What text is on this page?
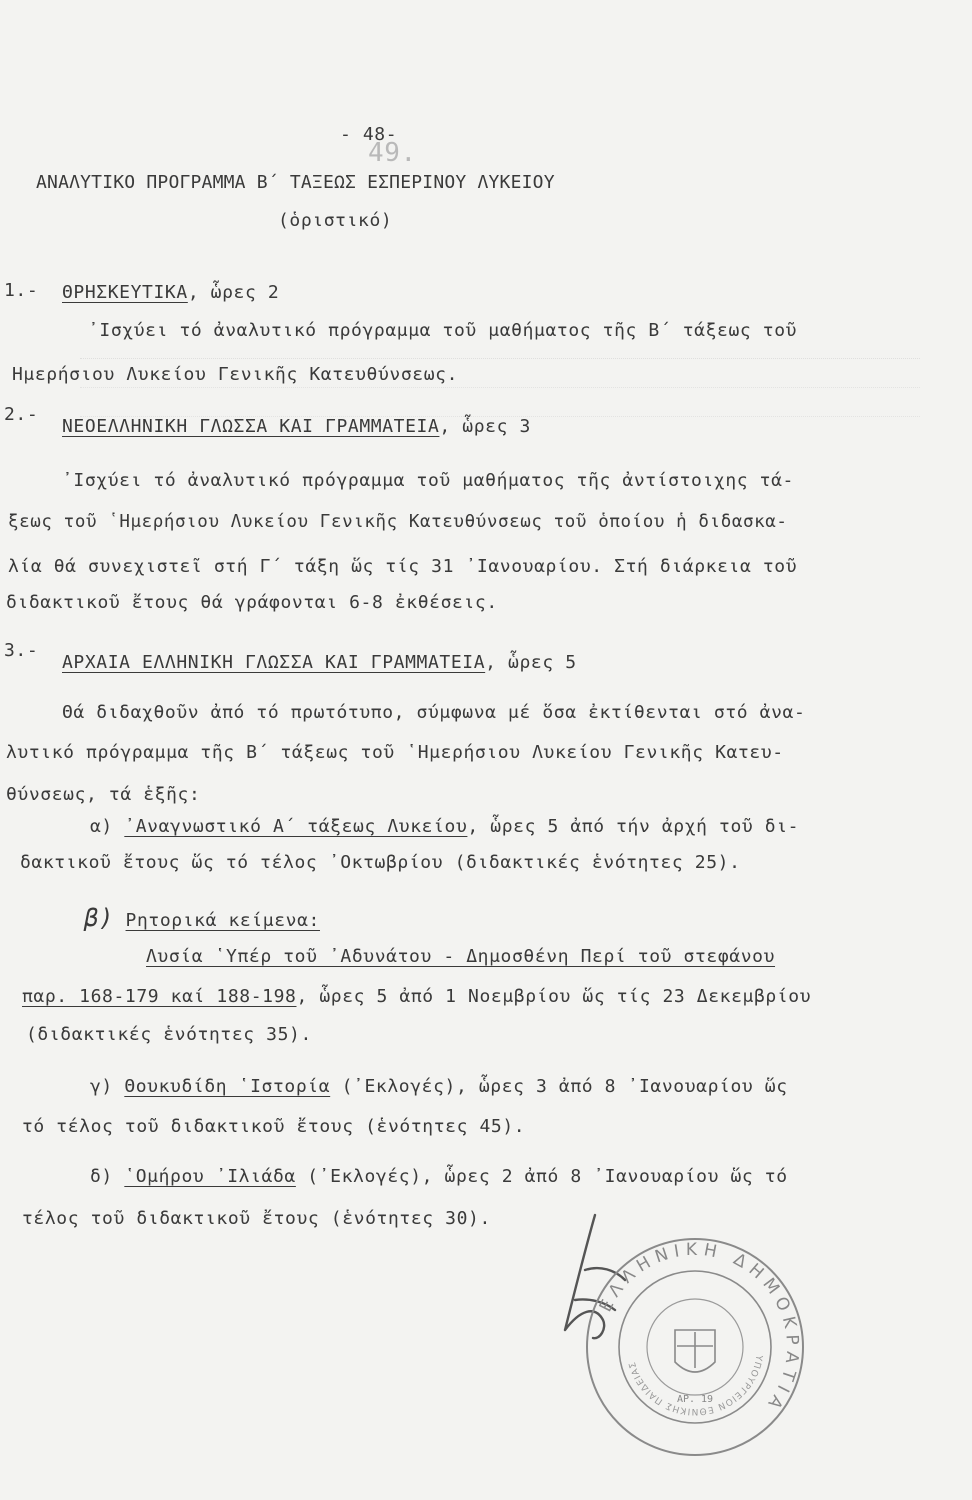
49.
- 48-
ΑΝΑΛΥΤΙΚΟ ΠΡΟΓΡΑΜΜΑ Β΄ ΤΑΞΕΩΣ ΕΣΠΕΡΙΝΟΥ ΛΥΚΕΙΟΥ
(ὁριστικό)
1.- ΘΡΗΣΚΕΥΤΙΚΑ, ὧρες 2
᾿Ισχύει τό ἀναλυτικό πρόγραμμα τοῦ μαθήματος τῆς Β΄ τάξεως τοῦ
Ημερήσιου Λυκείου Γενικῆς Κατευθύνσεως.
2.-
ΝΕΟΕΛΛΗΝΙΚΗ ΓΛΩΣΣΑ ΚΑΙ ΓΡΑΜΜΑΤΕΙΑ, ὧρες 3
᾿Ισχύει τό ἀναλυτικό πρόγραμμα τοῦ μαθήματος τῆς ἀντίστοιχης τά-
ξεως τοῦ ῾Ημερήσιου Λυκείου Γενικῆς Κατευθύνσεως τοῦ ὁποίου ἡ διδασκα-
λία θά συνεχιστεῖ στή Γ΄ τάξη ὥς τίς 31 ᾿Ιανουαρίου. Στή διάρκεια τοῦ
διδακτικοῦ ἔτους θά γράφονται 6-8 ἐκθέσεις.
3.-
ΑΡΧΑΙΑ ΕΛΛΗΝΙΚΗ ΓΛΩΣΣΑ ΚΑΙ ΓΡΑΜΜΑΤΕΙΑ, ὧρες 5
Θά διδαχθοῦν ἀπό τό πρωτότυπο, σύμφωνα μέ ὅσα ἐκτίθενται στό ἀνα-
λυτικό πρόγραμμα τῆς Β΄ τάξεως τοῦ ῾Ημερήσιου Λυκείου Γενικῆς Κατευ-
θύνσεως, τά ἑξῆς:
α) ᾿Αναγνωστικό Α΄ τάξεως Λυκείου, ὧρες 5 ἀπό τήν ἀρχή τοῦ δι-
δακτικοῦ ἔτους ὥς τό τέλος ᾿Οκτωβρίου (διδακτικές ἑνότητες 25).
β) Ρητορικά κείμενα:
Λυσία ῾Υπέρ τοῦ ᾿Αδυνάτου - Δημοσθένη Περί τοῦ στεφάνου
παρ. 168-179 καί 188-198, ὧρες 5 ἀπό 1 Νοεμβρίου ὥς τίς 23 Δεκεμβρίου
(διδακτικές ἑνότητες 35).
γ) Θουκυδίδη ῾Ιστορία (᾿Εκλογές), ὧρες 3 ἀπό 8 ᾿Ιανουαρίου ὥς
τό τέλος τοῦ διδακτικοῦ ἔτους (ἑνότητες 45).
δ) ῾Ομήρου ᾿Ιλιάδα (᾿Εκλογές), ὧρες 2 ἀπό 8 ᾿Ιανουαρίου ὥς τό
τέλος τοῦ διδακτικοῦ ἔτους (ἑνότητες 30).
ΕΛΛΗΝΙΚΗ ΔΗΜΟΚΡΑΤΙΑ
ΥΠΟΥΡΓΕΙΟΝ ΕΘΝΙΚΗΣ ΠΑΙΔΕΙΑΣ
ΑΡ. 19
